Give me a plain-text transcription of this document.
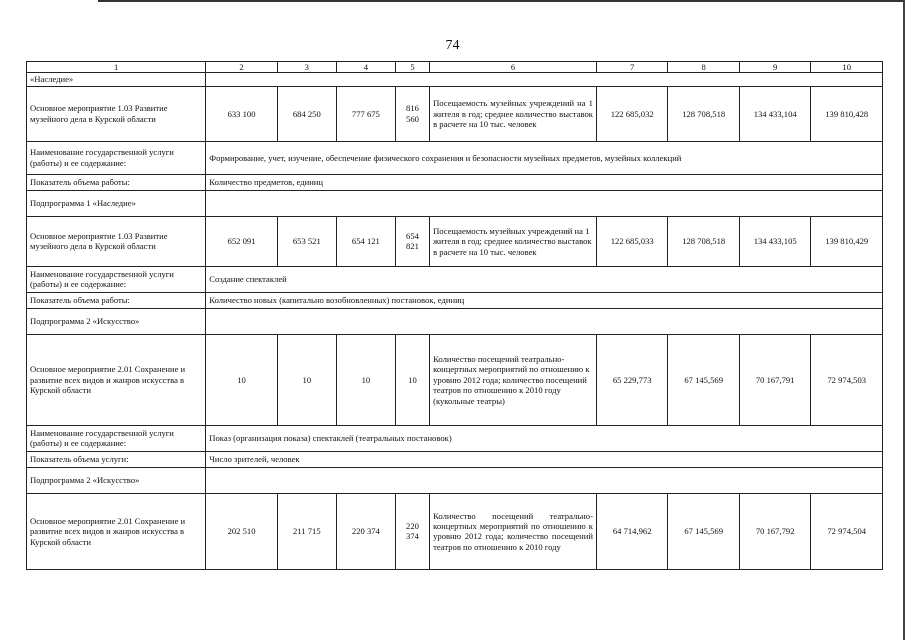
74
1	2	3	4	5	6	7	8	9	10
«Наследие»									
Основное мероприятие 1.03 Развитие музейного дела в Курской области	633 100	684 250	777 675	816 560	Посещаемость музейных учреждений на 1 жителя в год; среднее количество выставок в расчете на 10 тыс. человек	122 685,032	128 708,518	134 433,104	139 810,428
Наименование государственной услуги (работы) и ее содержание:	Формирование, учет, изучение, обеспечение физического сохранения и безопасности музейных предметов, музейных коллекций								
Показатель объема работы:	Количество предметов, единиц								
Подпрограмма 1 «Наследие»									
Основное мероприятие 1.03 Развитие музейного дела в Курской области	652 091	653 521	654 121	654 821	Посещаемость музейных учреждений на 1 жителя в год; среднее количество выставок в расчете на 10 тыс. человек	122 685,033	128 708,518	134 433,105	139 810,429
Наименование государственной услуги (работы) и ее содержание:	Создание спектаклей								
Показатель объема работы:	Количество новых (капитально возобновленных) постановок, единиц								
Подпрограмма 2 «Искусство»									
Основное мероприятие 2.01 Сохранение и развитие всех видов и жанров искусства в Курской области	10	10	10	10	Количество посещений театрально-концертных мероприятий по отношению к уровню 2012 года; количество посещений театров по отношению к 2010 году (кукольные театры)	65 229,773	67 145,569	70 167,791	72 974,503
Наименование государственной услуги (работы) и ее содержание:	Показ (организация показа) спектаклей (театральных постановок)								
Показатель объема услуги:	Число зрителей, человек								
Подпрограмма 2 «Искусство»									
Основное мероприятие 2.01 Сохранение и развитие всех видов и жанров искусства в Курской области	202 510	211 715	220 374	220 374	Количество посещений театрально-концертных мероприятий по отношению к уровню 2012 года; количество посещений театров по отношению к 2010 году	64 714,962	67 145,569	70 167,792	72 974,504
